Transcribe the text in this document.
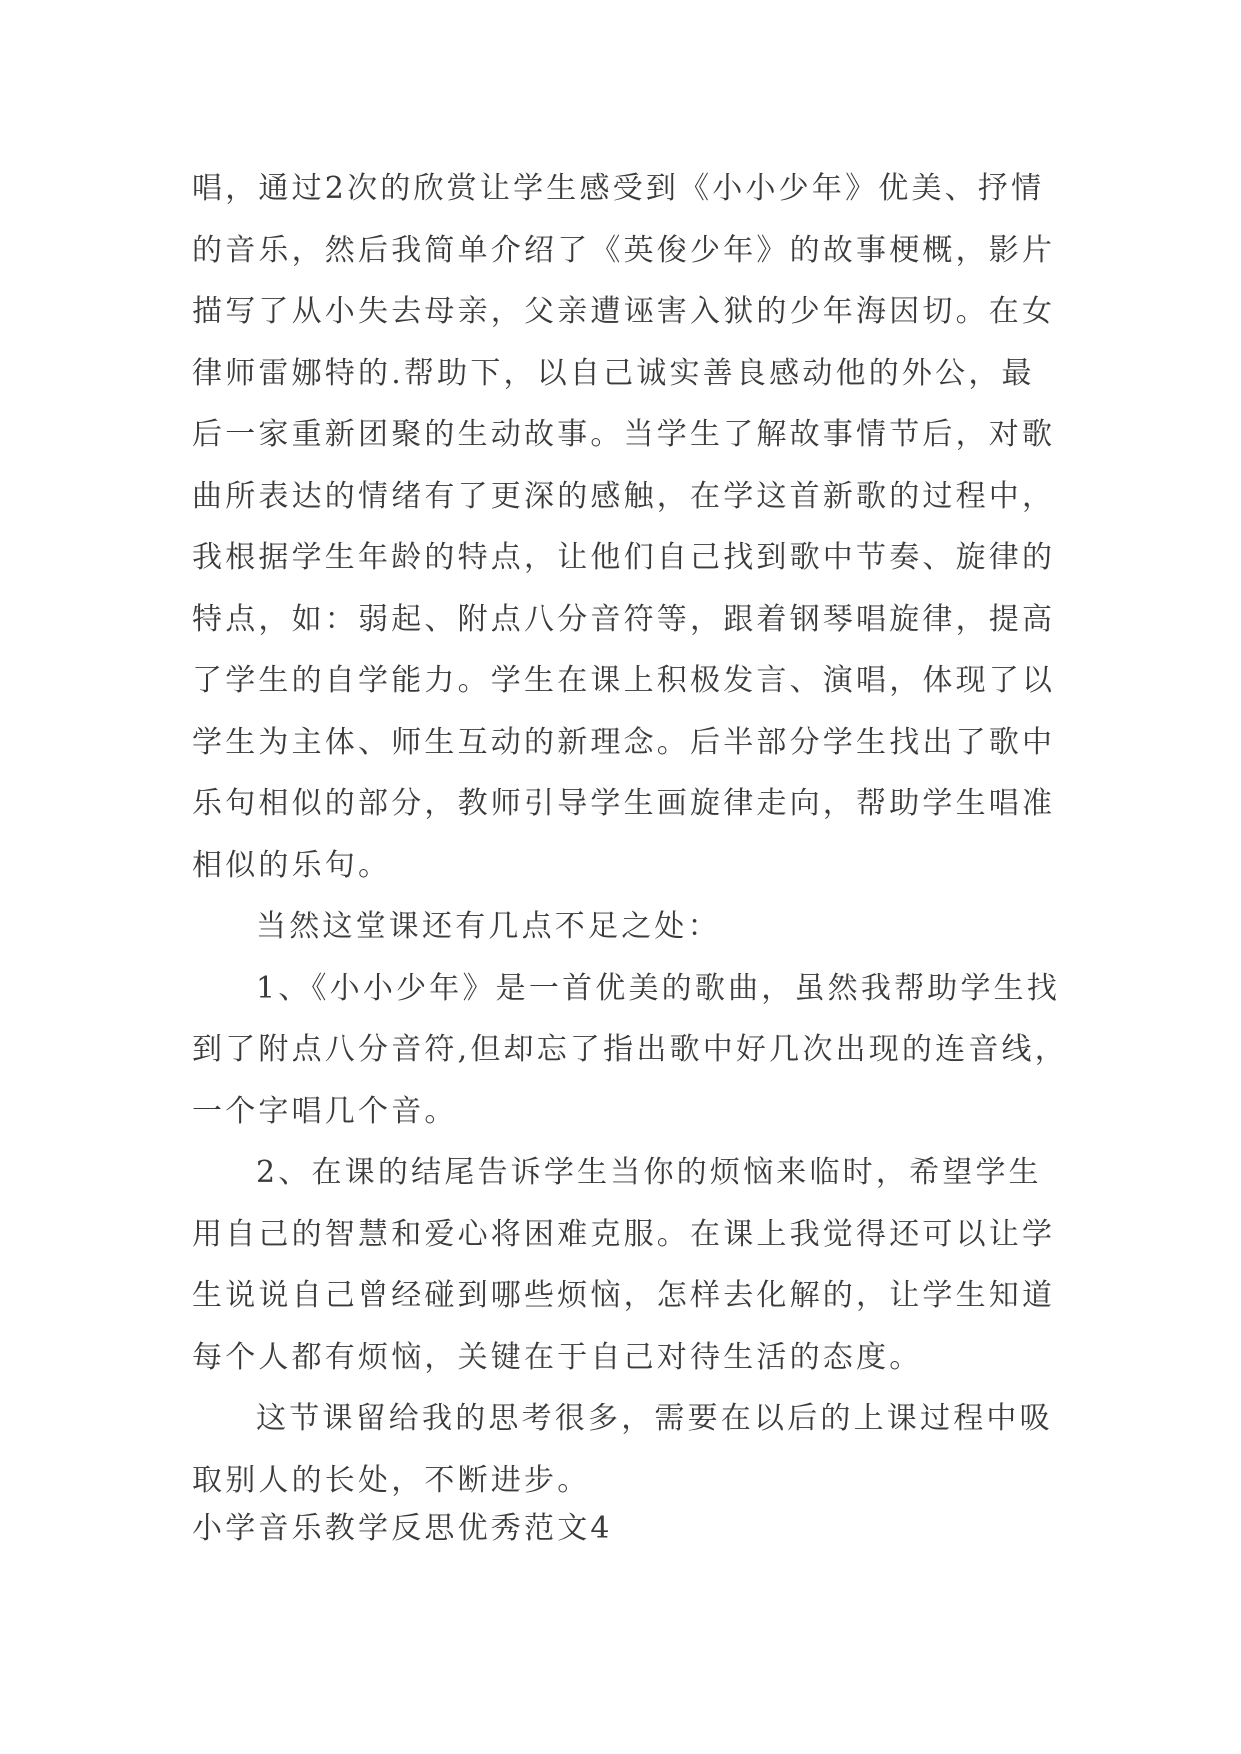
唱，通过2次的欣赏让学生感受到《小小少年》优美、抒情
的音乐，然后我简单介绍了《英俊少年》的故事梗概，影片
描写了从小失去母亲，父亲遭诬害入狱的少年海因切。在女
律师雷娜特的.帮助下，以自己诚实善良感动他的外公，最
后一家重新团聚的生动故事。当学生了解故事情节后，对歌
曲所表达的情绪有了更深的感触，在学这首新歌的过程中，
我根据学生年龄的特点，让他们自己找到歌中节奏、旋律的
特点，如：弱起、附点八分音符等，跟着钢琴唱旋律，提高
了学生的自学能力。学生在课上积极发言、演唱，体现了以
学生为主体、师生互动的新理念。后半部分学生找出了歌中
乐句相似的部分，教师引导学生画旋律走向，帮助学生唱准
相似的乐句。
当然这堂课还有几点不足之处：
1、《小小少年》是一首优美的歌曲，虽然我帮助学生找
到了附点八分音符,但却忘了指出歌中好几次出现的连音线，
一个字唱几个音。
2、在课的结尾告诉学生当你的烦恼来临时，希望学生
用自己的智慧和爱心将困难克服。在课上我觉得还可以让学
生说说自己曾经碰到哪些烦恼，怎样去化解的，让学生知道
每个人都有烦恼，关键在于自己对待生活的态度。
这节课留给我的思考很多，需要在以后的上课过程中吸
取别人的长处，不断进步。
小学音乐教学反思优秀范文4
